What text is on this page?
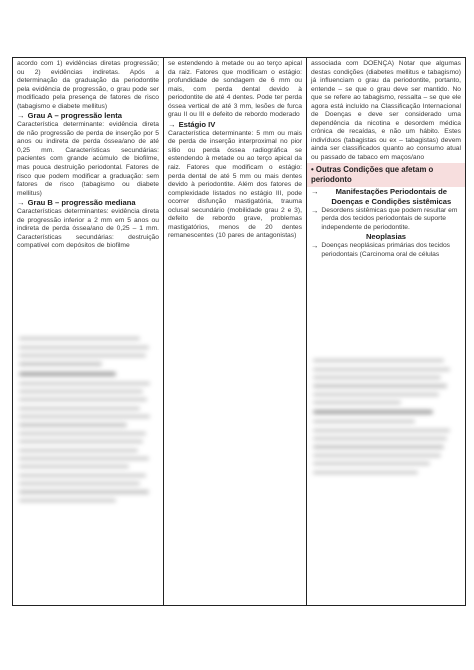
acordo com 1) evidências diretas progressão; ou 2) evidências indiretas. Após a determinação da graduação da periodontite pela evidência de progressão, o grau pode ser modificado pela presença de fatores de risco (tabagismo e diabete mellitus)

→ Grau A – progressão lenta

Característica determinante: evidência direta de não progressão de perda de inserção por 5 anos ou indireta de perda óssea/ano de até 0,25 mm. Características secundárias: pacientes com grande acúmulo de biofilme, mas pouca destruição periodontal. Fatores de risco que podem modificar a graduação: sem fatores de risco (tabagismo ou diabete mellitus)

→ Grau B – progressão mediana

Características determinantes: evidência direta de progressão inferior a 2 mm em 5 anos ou indireta de perda óssea/ano de 0,25 – 1 mm. Características secundárias: destruição compatível com depósitos de biofilme

se estendendo à metade ou ao terço apical da raiz. Fatores que modificam o estágio: profundidade de sondagem de 6 mm ou mais, com perda dental devido à periodontite de até 4 dentes. Pode ter perda óssea vertical de até 3 mm, lesões de furca grau II ou III e defeito de rebordo moderado

→ Estágio IV

Característica determinante: 5 mm ou mais de perda de inserção interproximal no pior sítio ou perda óssea radiográfica se estendendo à metade ou ao terço apical da raiz. Fatores que modificam o estágio: perda dental de até 5 mm ou mais dentes devido à periodontite. Além dos fatores de complexidade listados no estágio III, pode ocorrer disfunção mastigatória, trauma oclusal secundário (mobilidade grau 2 e 3), defeito de rebordo grave, problemas mastigatórios, menos de 20 dentes remanescentes (10 pares de antagonistas)

associada com DOENÇA) Notar que algumas destas condições (diabetes mellitus e tabagismo) já influenciam o grau da periodontite, portanto, entende – se que o grau deve ser mantido. No que se refere ao tabagismo, ressalta – se que ele agora está incluído na Classificação Internacional de Doenças e deve ser considerado uma dependência da nicotina e desordem médica crônica de recaídas, e não um hábito. Estes indivíduos (tabagistas ou ex – tabagistas) devem ainda ser classificados quanto ao consumo atual ou passado de tabaco em maços/ano

• Outras Condições que afetam o periodonto
→	Manifestações Periodontais de Doenças e Condições sistêmicas
→ Desordens sistêmicas que podem resultar em perda dos tecidos periodontais de suporte independente de periodontite.
Neoplasias
→ Doenças neoplásicas primárias dos tecidos periodontais (Carcinoma oral de células
